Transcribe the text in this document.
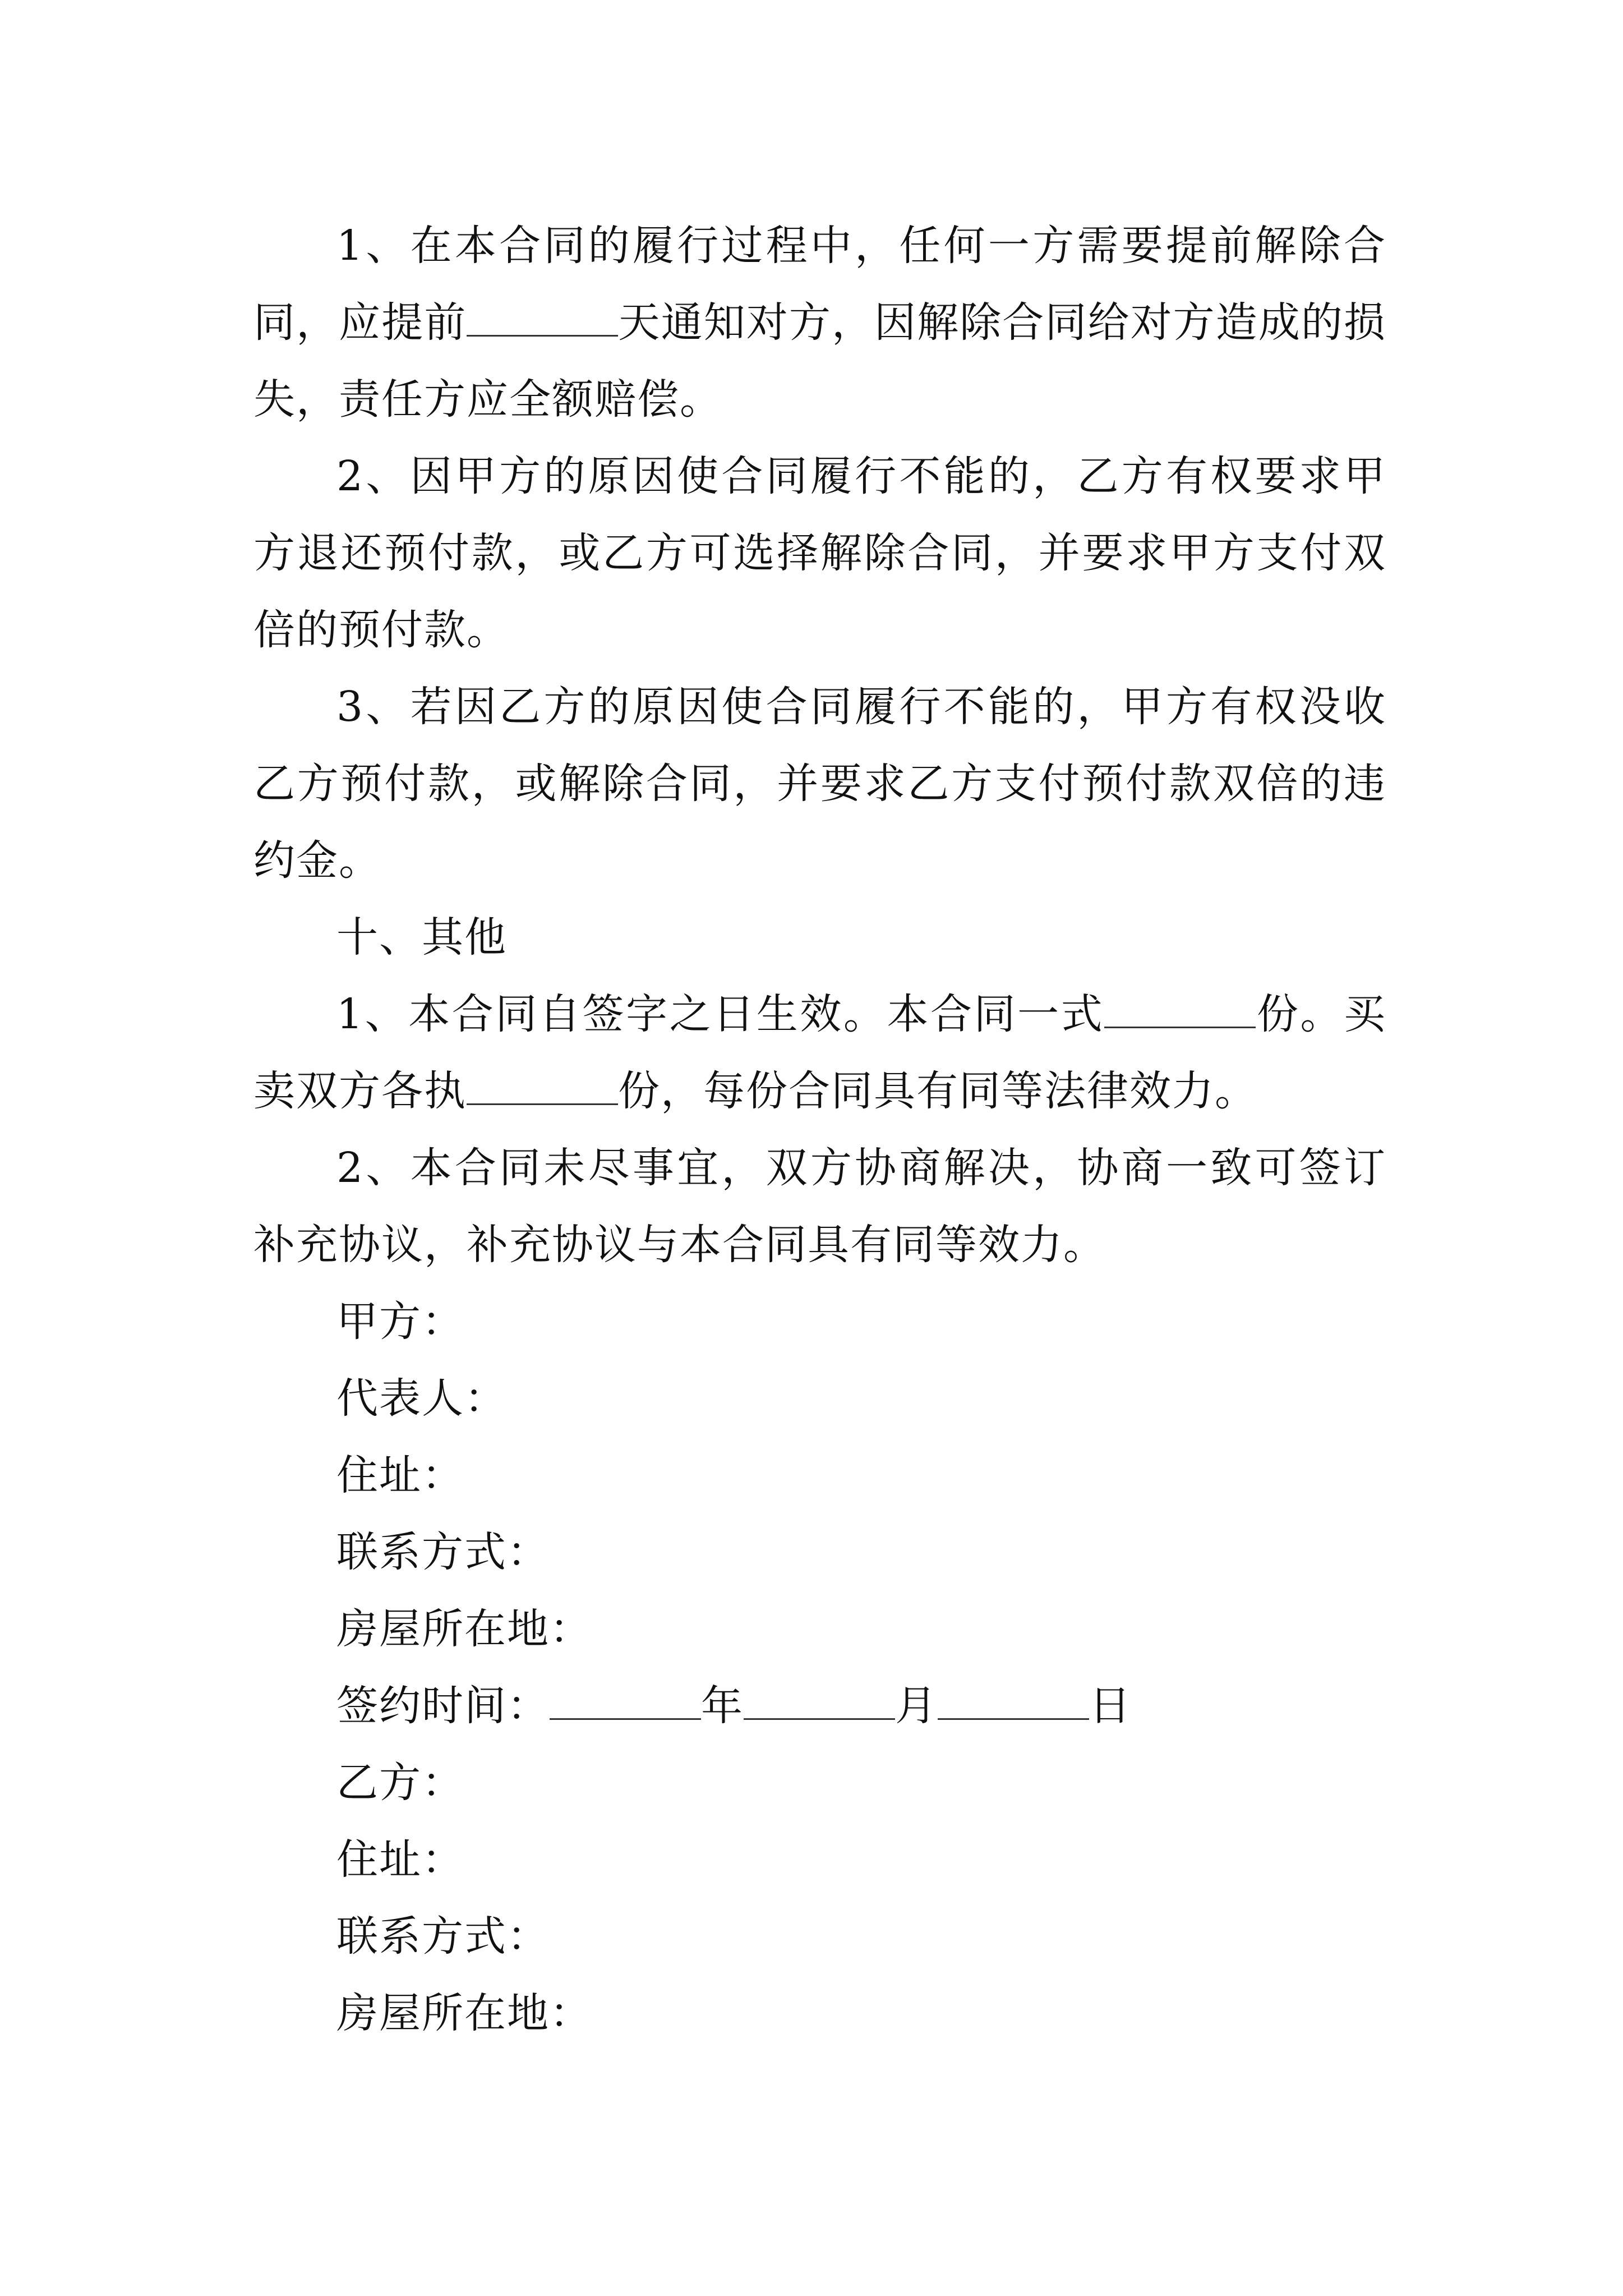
1、在本合同的履行过程中，任何一方需要提前解除合同，应提前	天通知对方，因解除合同给对方造成的损失，责任方应全额赔偿。

2、因甲方的原因使合同履行不能的，乙方有权要求甲方退还预付款，或乙方可选择解除合同，并要求甲方支付双倍的预付款。

3、若因乙方的原因使合同履行不能的，甲方有权没收乙方预付款，或解除合同，并要求乙方支付预付款双倍的违约金。

十、其他

1、本合同自签字之日生效。本合同一式	份。买卖双方各执	份，每份合同具有同等法律效力。

2、本合同未尽事宜，双方协商解决，协商一致可签订补充协议，补充协议与本合同具有同等效力。

甲方：

代表人：

住址：

联系方式：

房屋所在地：

签约时间：	年	月	日

乙方：

住址：

联系方式：

房屋所在地：
